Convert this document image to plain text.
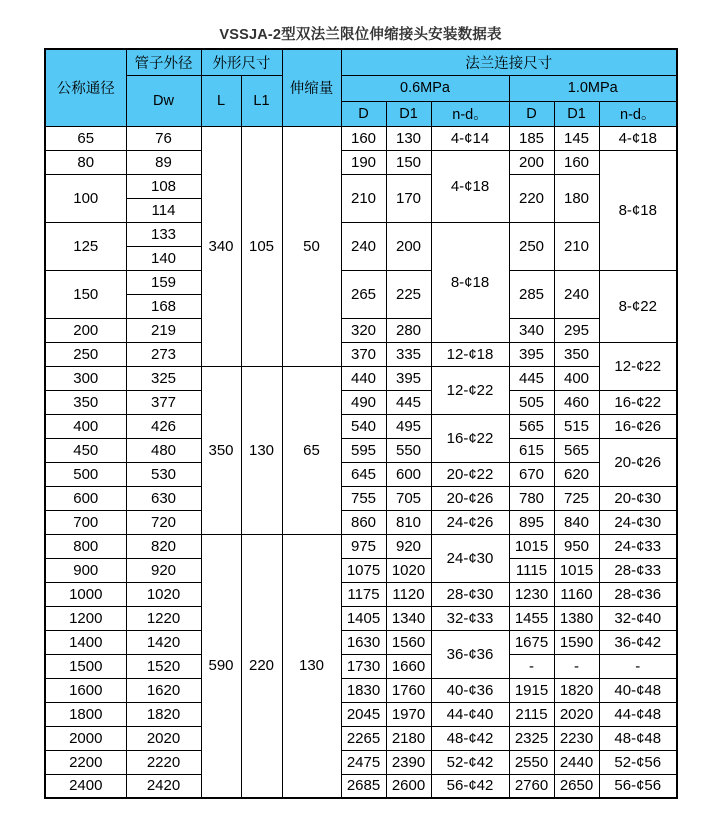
VSSJA-2型双法兰限位伸缩接头安装数据表
公称通径	管子外径	外形尺寸		伸缩量	法兰连接尺寸					
	Dw	L	L1		0.6MPa			1.0MPa		
					D	D1	n-d。	D	D1	n-d。
65	76	340	105	50	160	130	4-¢14	185	145	4-¢18
80	89				190	150	4-¢18	200	160	8-¢18
100	108				210	170		220	180	
	114									
125	133				240	200	8-¢18	250	210	
	140									
150	159				265	225		285	240	8-¢22
	168									
200	219				320	280		340	295	
250	273				370	335	12-¢18	395	350	12-¢22
300	325	350	130	65	440	395	12-¢22	445	400	
350	377				490	445		505	460	16-¢22
400	426				540	495	16-¢22	565	515	16-¢26
450	480				595	550		615	565	20-¢26
500	530				645	600	20-¢22	670	620	
600	630				755	705	20-¢26	780	725	20-¢30
700	720				860	810	24-¢26	895	840	24-¢30
800	820	590	220	130	975	920	24-¢30	1015	950	24-¢33
900	920				1075	1020		1115	1015	28-¢33
1000	1020				1175	1120	28-¢30	1230	1160	28-¢36
1200	1220				1405	1340	32-¢33	1455	1380	32-¢40
1400	1420				1630	1560	36-¢36	1675	1590	36-¢42
1500	1520				1730	1660		-	-	-
1600	1620				1830	1760	40-¢36	1915	1820	40-¢48
1800	1820				2045	1970	44-¢40	2115	2020	44-¢48
2000	2020				2265	2180	48-¢42	2325	2230	48-¢48
2200	2220				2475	2390	52-¢42	2550	2440	52-¢56
2400	2420				2685	2600	56-¢42	2760	2650	56-¢56
